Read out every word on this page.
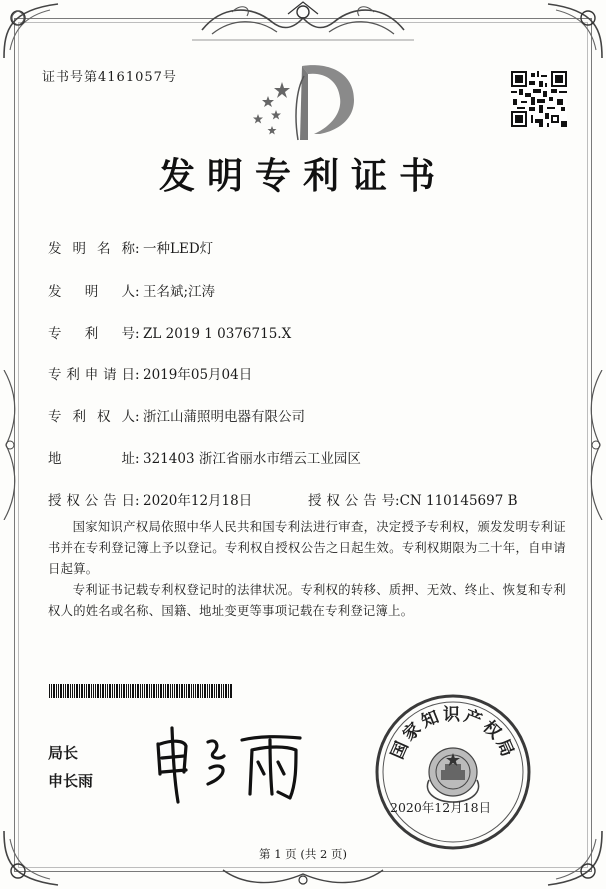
证书号第4161057号
发明专利证书
发明名称: 一种LED灯
发　明　人: 王名斌;江涛
专　利　号: ZL 2019 1 0376715.X
专利申请日: 2019年05月04日
专利权人: 浙江山蒲照明电器有限公司
地　　址: 321403 浙江省丽水市缙云工业园区
授权公告日: 2020年12月18日	授权公告号:CN 110145697 B
国家知识产权局依照中华人民共和国专利法进行审查，决定授予专利权，颁发发明专利证书并在专利登记簿上予以登记。专利权自授权公告之日起生效。专利权期限为二十年，自申请日起算。
专利证书记载专利权登记时的法律状况。专利权的转移、质押、无效、终止、恢复和专利权人的姓名或名称、国籍、地址变更等事项记载在专利登记簿上。
局长
申长雨
国家知识产权局
2020年12月18日
第 1 页 (共 2 页)
